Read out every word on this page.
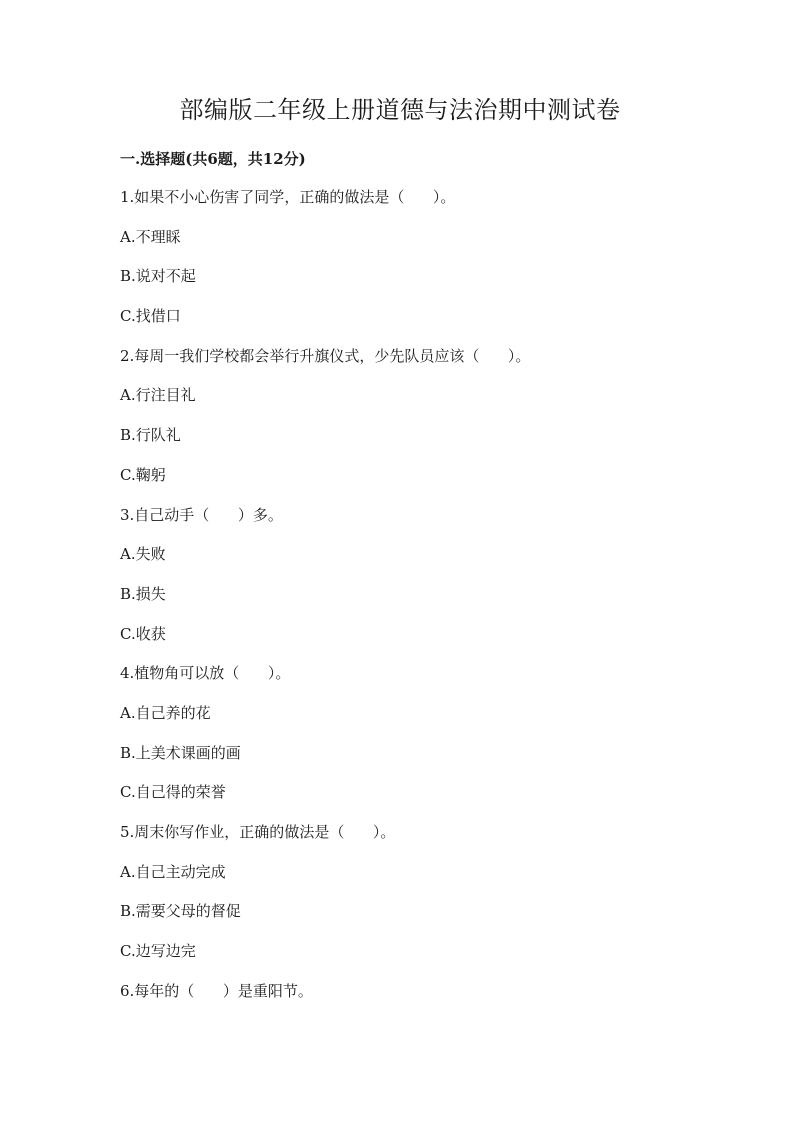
部编版二年级上册道德与法治期中测试卷
一.选择题(共6题，共12分)
1.如果不小心伤害了同学，正确的做法是（      ）。
A.不理睬
B.说对不起
C.找借口
2.每周一我们学校都会举行升旗仪式，少先队员应该（      ）。
A.行注目礼
B.行队礼
C.鞠躬
3.自己动手（      ）多。
A.失败
B.损失
C.收获
4.植物角可以放（      ）。
A.自己养的花
B.上美术课画的画
C.自己得的荣誉
5.周末你写作业，正确的做法是（      ）。
A.自己主动完成
B.需要父母的督促
C.边写边完
6.每年的（      ）是重阳节。
